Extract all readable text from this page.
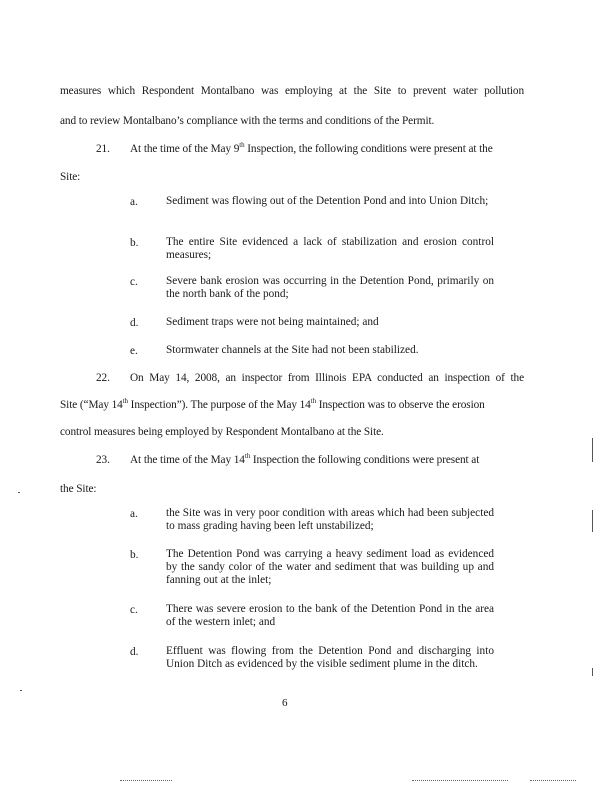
measures which Respondent Montalbano was employing at the Site to prevent water pollution
and to review Montalbano’s compliance with the terms and conditions of the Permit.
21. At the time of the May 9th Inspection, the following conditions were present at the
Site:
a. Sediment was flowing out of the Detention Pond and into Union Ditch;
b. The entire Site evidenced a lack of stabilization and erosion control measures;
c. Severe bank erosion was occurring in the Detention Pond, primarily on the north bank of the pond;
d. Sediment traps were not being maintained; and
e. Stormwater channels at the Site had not been stabilized.
22. On May 14, 2008, an inspector from Illinois EPA conducted an inspection of the
Site (“May 14th Inspection”). The purpose of the May 14th Inspection was to observe the erosion
control measures being employed by Respondent Montalbano at the Site.
23. At the time of the May 14th Inspection the following conditions were present at
the Site:
a. the Site was in very poor condition with areas which had been subjected to mass grading having been left unstabilized;
b. The Detention Pond was carrying a heavy sediment load as evidenced by the sandy color of the water and sediment that was building up and fanning out at the inlet;
c. There was severe erosion to the bank of the Detention Pond in the area of the western inlet; and
d. Effluent was flowing from the Detention Pond and discharging into Union Ditch as evidenced by the visible sediment plume in the ditch.
6
